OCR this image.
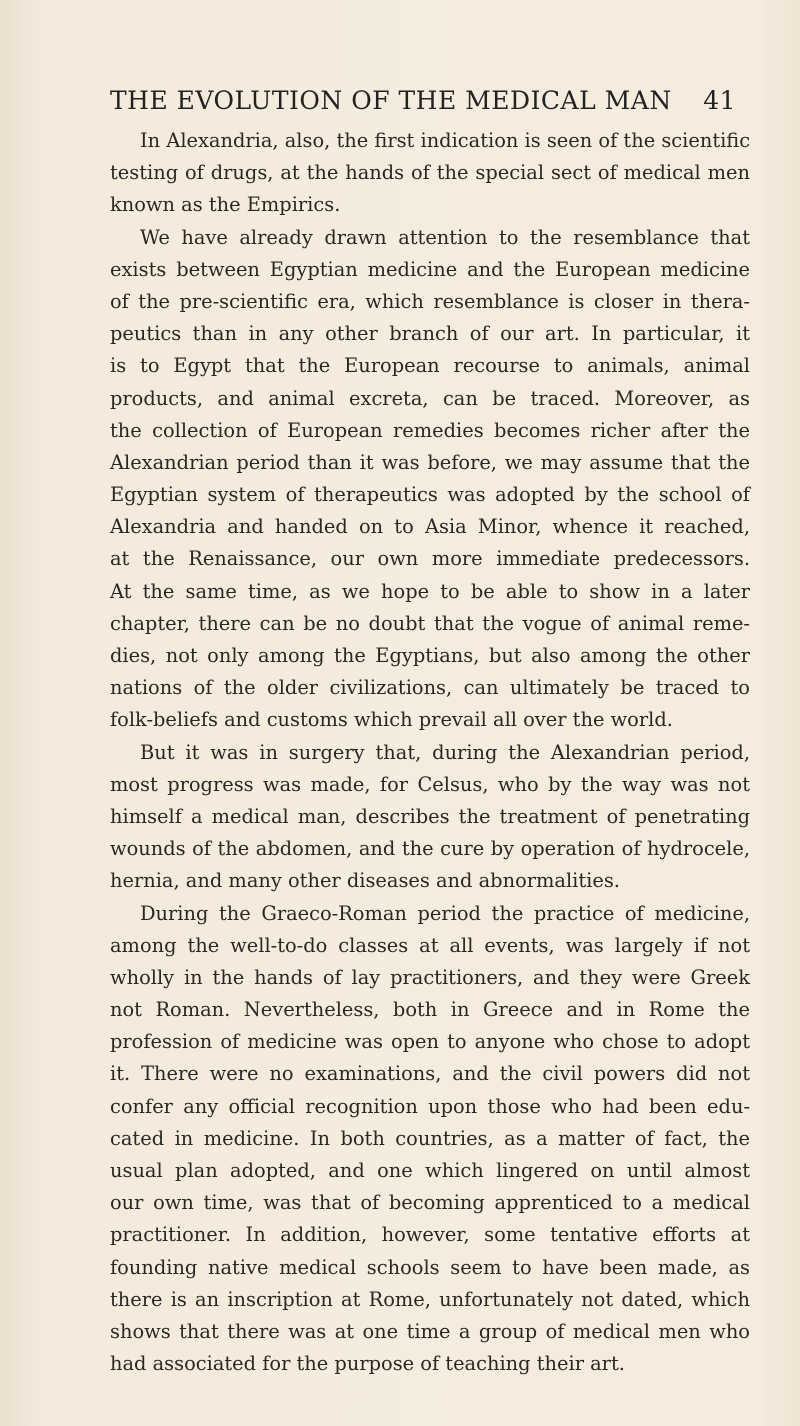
THE EVOLUTION OF THE MEDICAL MAN 41
In Alexandria, also, the first indication is seen of the scientific
testing of drugs, at the hands of the special sect of medical men
known as the Empirics.
We have already drawn attention to the resemblance that
exists between Egyptian medicine and the European medicine
of the pre-scientific era, which resemblance is closer in thera-
peutics than in any other branch of our art. In particular, it
is to Egypt that the European recourse to animals, animal
products, and animal excreta, can be traced. Moreover, as
the collection of European remedies becomes richer after the
Alexandrian period than it was before, we may assume that the
Egyptian system of therapeutics was adopted by the school of
Alexandria and handed on to Asia Minor, whence it reached,
at the Renaissance, our own more immediate predecessors.
At the same time, as we hope to be able to show in a later
chapter, there can be no doubt that the vogue of animal reme-
dies, not only among the Egyptians, but also among the other
nations of the older civilizations, can ultimately be traced to
folk-beliefs and customs which prevail all over the world.
But it was in surgery that, during the Alexandrian period,
most progress was made, for Celsus, who by the way was not
himself a medical man, describes the treatment of penetrating
wounds of the abdomen, and the cure by operation of hydrocele,
hernia, and many other diseases and abnormalities.
During the Graeco-Roman period the practice of medicine,
among the well-to-do classes at all events, was largely if not
wholly in the hands of lay practitioners, and they were Greek
not Roman. Nevertheless, both in Greece and in Rome the
profession of medicine was open to anyone who chose to adopt
it. There were no examinations, and the civil powers did not
confer any official recognition upon those who had been edu-
cated in medicine. In both countries, as a matter of fact, the
usual plan adopted, and one which lingered on until almost
our own time, was that of becoming apprenticed to a medical
practitioner. In addition, however, some tentative efforts at
founding native medical schools seem to have been made, as
there is an inscription at Rome, unfortunately not dated, which
shows that there was at one time a group of medical men who
had associated for the purpose of teaching their art.
